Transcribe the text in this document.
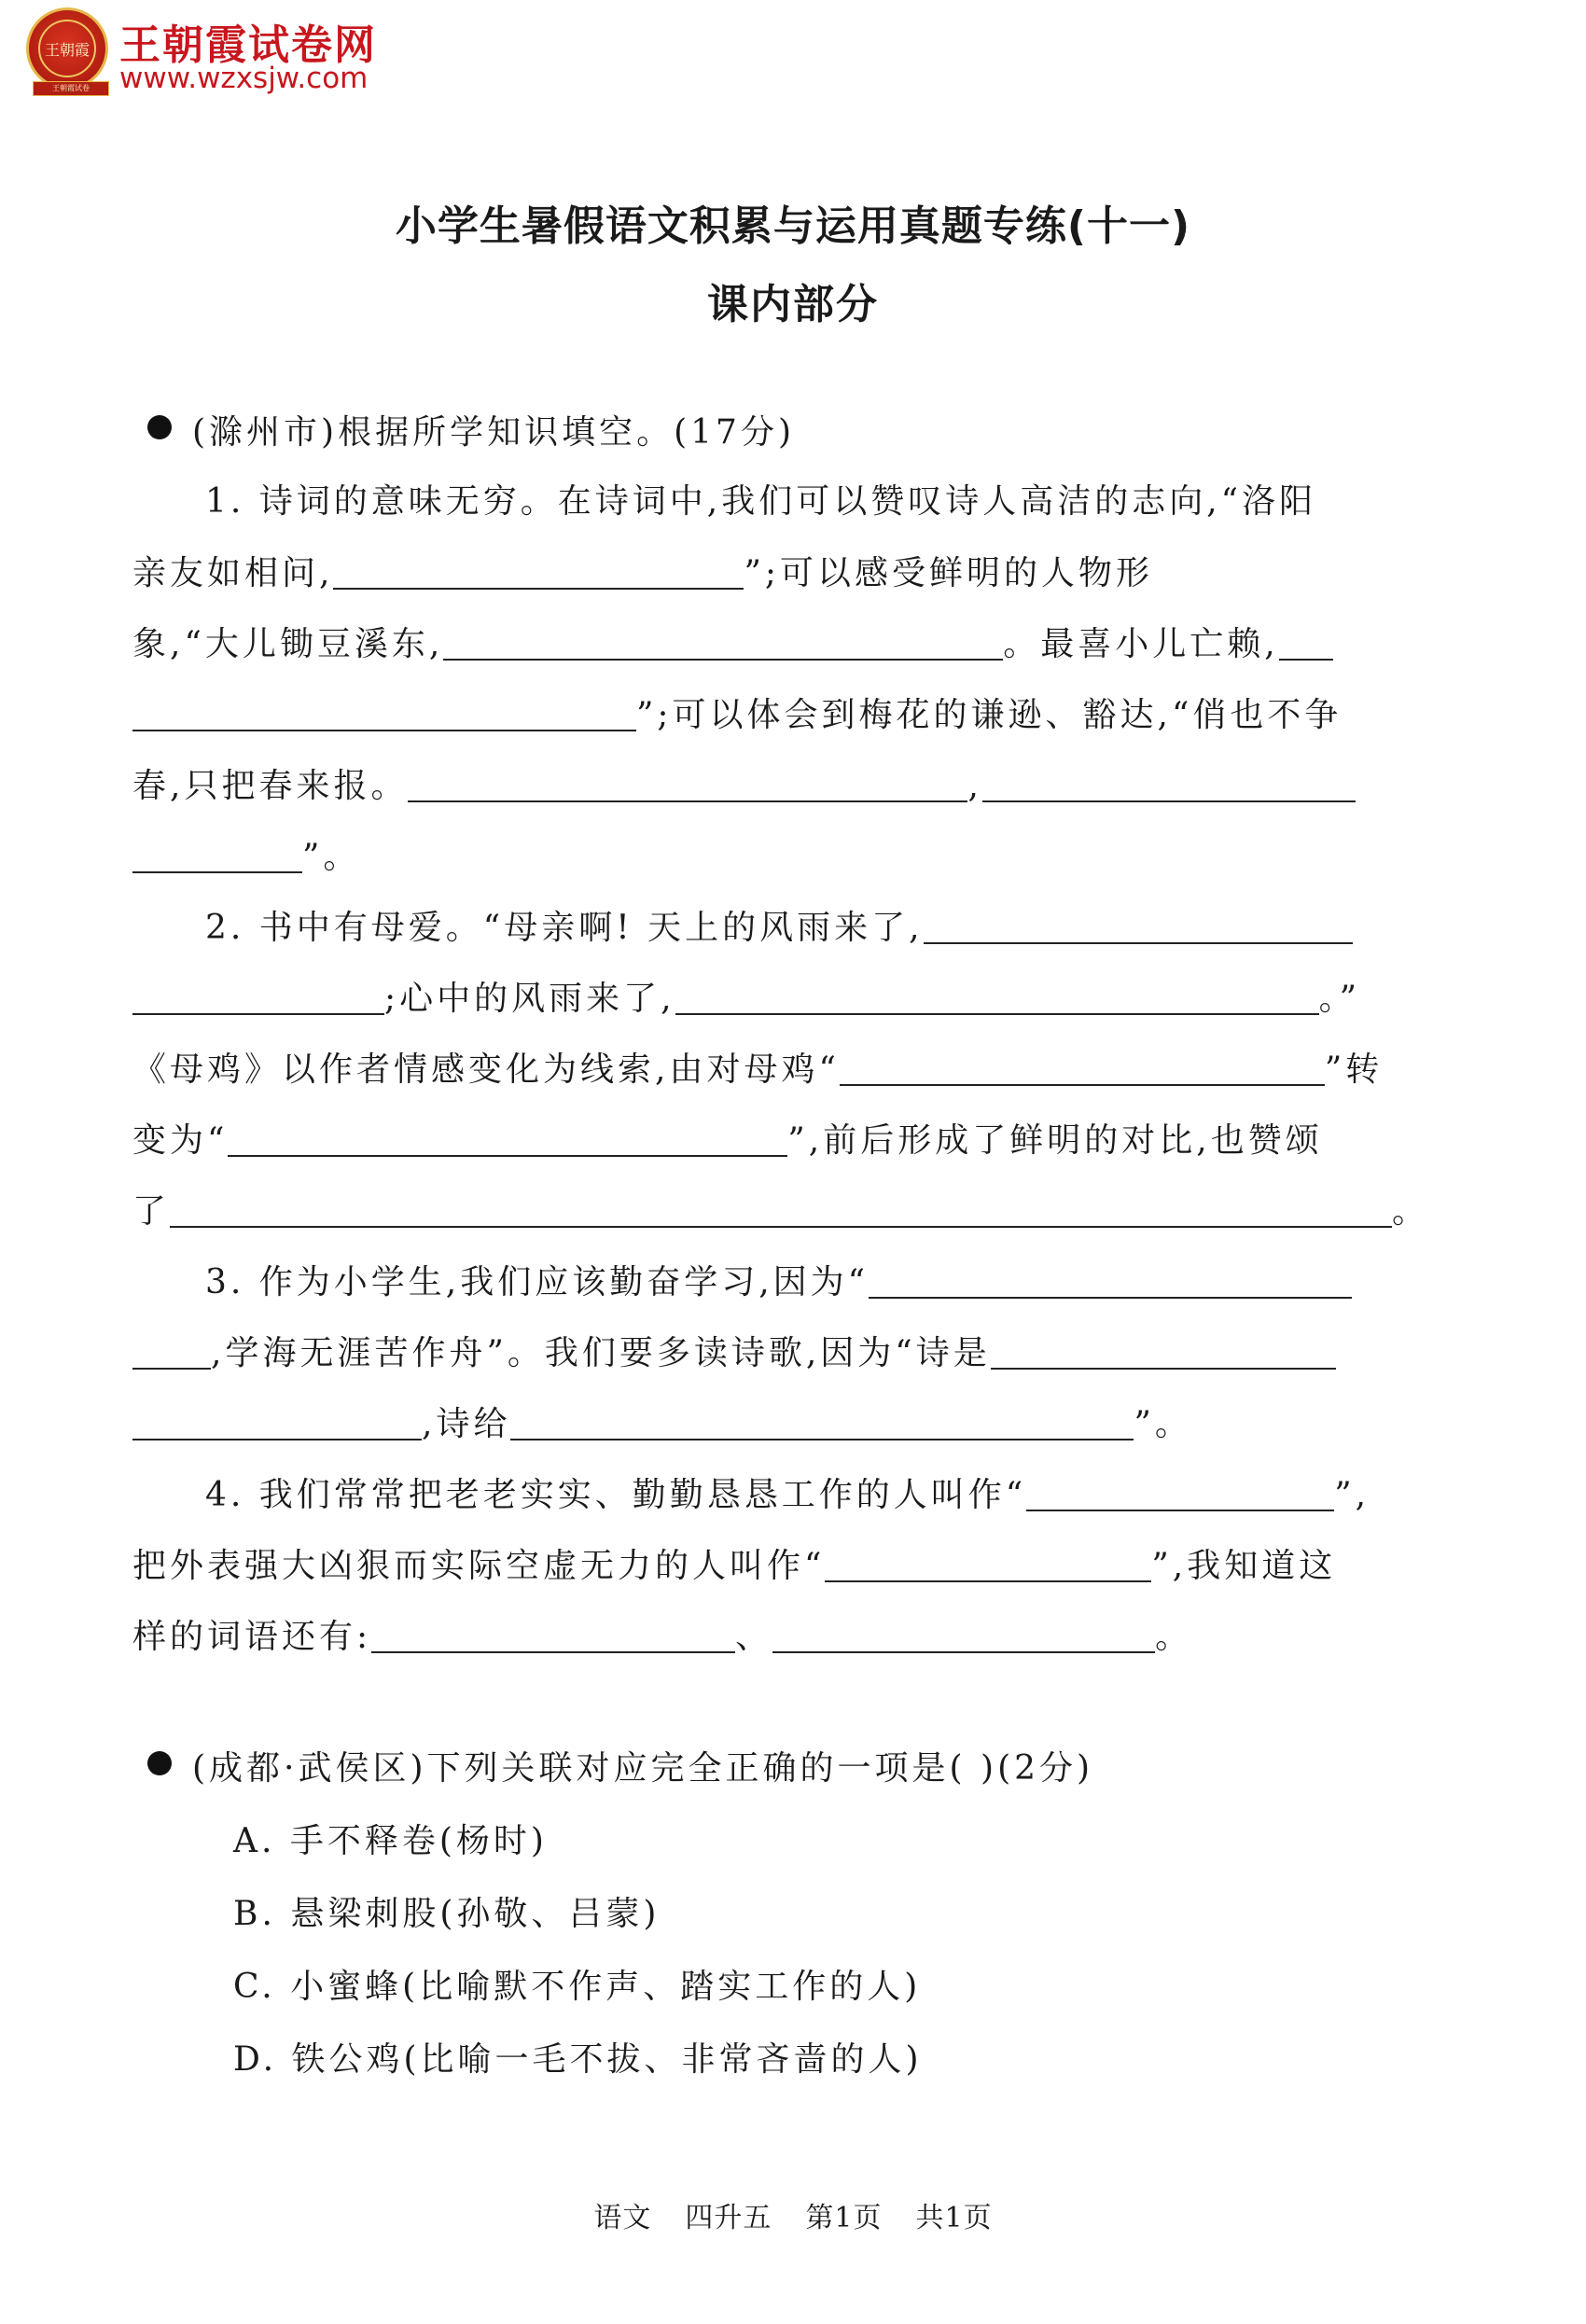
王朝霞
王朝霞试卷
王朝霞试卷网
www.wzxsjw.com
小学生暑假语文积累与运用真题专练(十一)
课内部分
(滁州市)根据所学知识填空。(17分)
1. 诗词的意味无穷。在诗词中,我们可以赞叹诗人高洁的志向,“洛阳
亲友如相问,	”;可以感受鲜明的人物形
象,“大儿锄豆溪东,	。最喜小儿亡赖,
”;可以体会到梅花的谦逊、豁达,“俏也不争
春,只把春来报。	,
”。
2. 书中有母爱。“母亲啊! 天上的风雨来了,
;心中的风雨来了,	。”
《母鸡》以作者情感变化为线索,由对母鸡“	”转
变为“	”,前后形成了鲜明的对比,也赞颂
了	。
3. 作为小学生,我们应该勤奋学习,因为“
,学海无涯苦作舟”。我们要多读诗歌,因为“诗是
,诗给	”。
4. 我们常常把老老实实、勤勤恳恳工作的人叫作“	”,
把外表强大凶狠而实际空虚无力的人叫作“	”,我知道这
样的词语还有:	、	。
(成都·武侯区)下列关联对应完全正确的一项是( )(2分)
A. 手不释卷(杨时)
B. 悬梁刺股(孙敬、吕蒙)
C. 小蜜蜂(比喻默不作声、踏实工作的人)
D. 铁公鸡(比喻一毛不拔、非常吝啬的人)
语文 四升五 第1页 共1页
